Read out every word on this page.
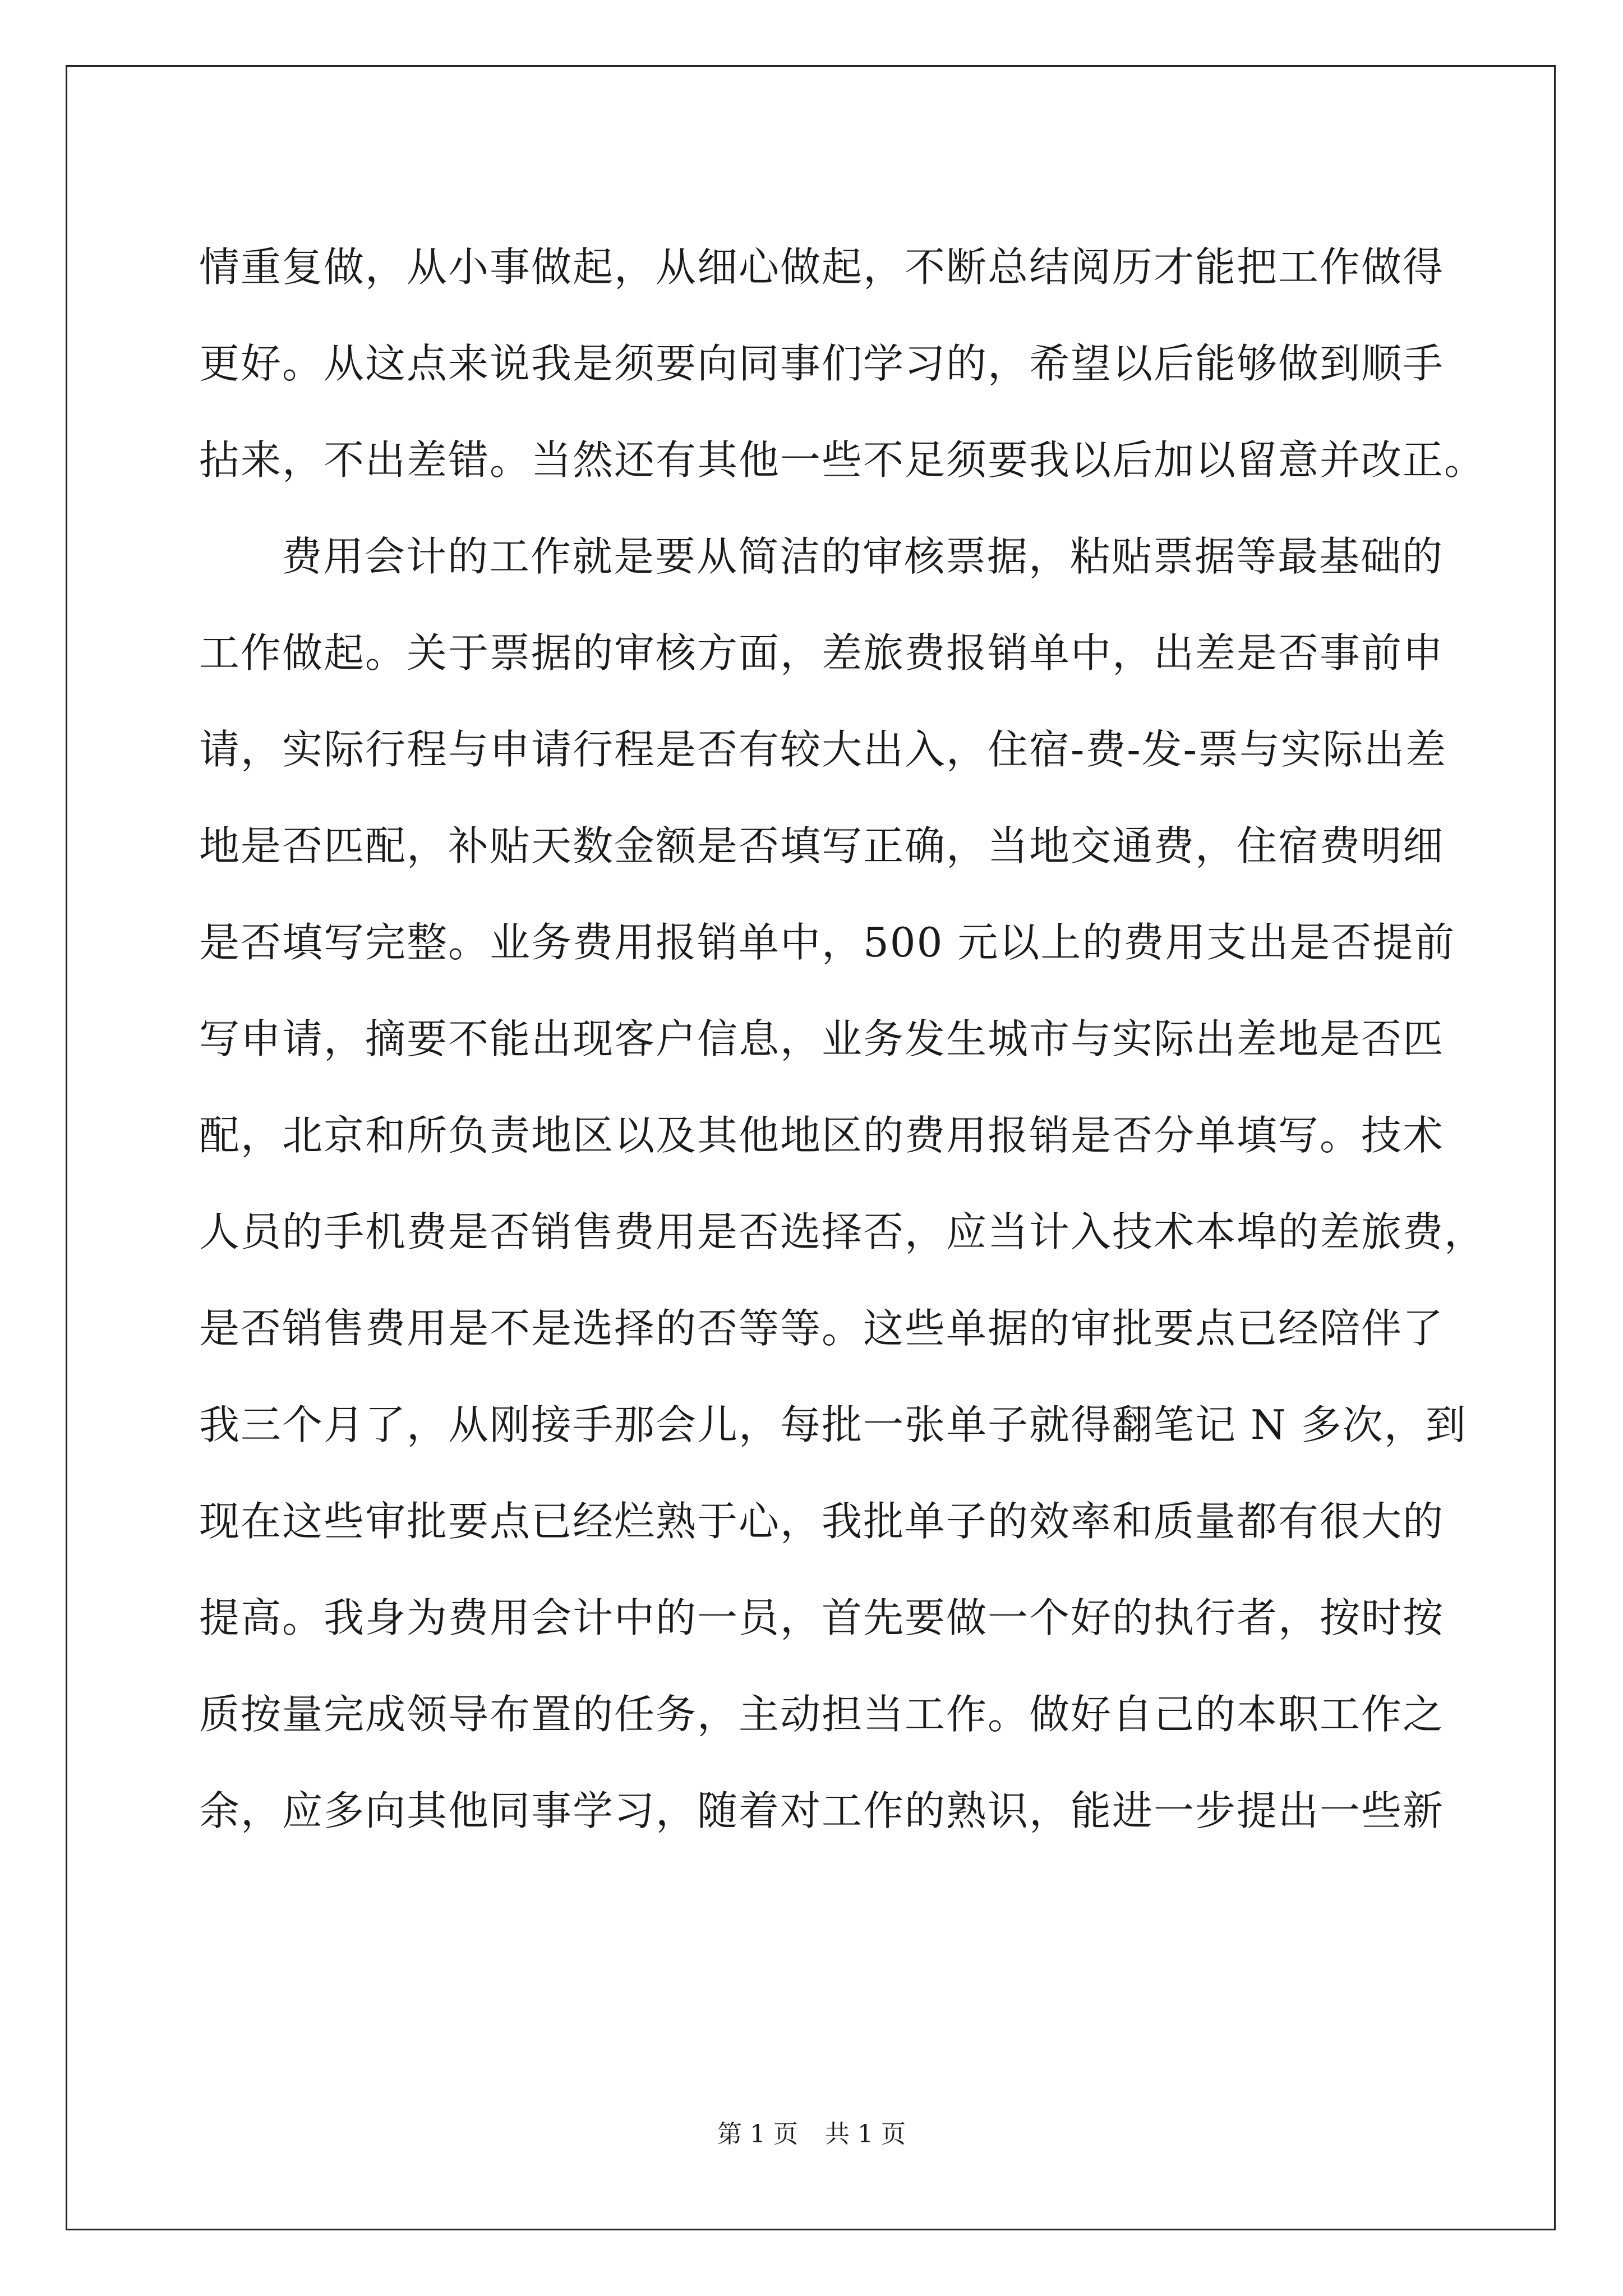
情重复做，从小事做起，从细心做起，不断总结阅历才能把工作做得
更好。从这点来说我是须要向同事们学习的，希望以后能够做到顺手
拈来，不出差错。当然还有其他一些不足须要我以后加以留意并改正。
费用会计的工作就是要从简洁的审核票据，粘贴票据等最基础的
工作做起。关于票据的审核方面，差旅费报销单中，出差是否事前申
请，实际行程与申请行程是否有较大出入，住宿-费-发-票与实际出差
地是否匹配，补贴天数金额是否填写正确，当地交通费，住宿费明细
是否填写完整。业务费用报销单中，500 元以上的费用支出是否提前
写申请，摘要不能出现客户信息，业务发生城市与实际出差地是否匹
配，北京和所负责地区以及其他地区的费用报销是否分单填写。技术
人员的手机费是否销售费用是否选择否，应当计入技术本埠的差旅费，
是否销售费用是不是选择的否等等。这些单据的审批要点已经陪伴了
我三个月了，从刚接手那会儿，每批一张单子就得翻笔记 N 多次，到
现在这些审批要点已经烂熟于心，我批单子的效率和质量都有很大的
提高。我身为费用会计中的一员，首先要做一个好的执行者，按时按
质按量完成领导布置的任务，主动担当工作。做好自己的本职工作之
余，应多向其他同事学习，随着对工作的熟识，能进一步提出一些新
第 1 页 共 1 页
